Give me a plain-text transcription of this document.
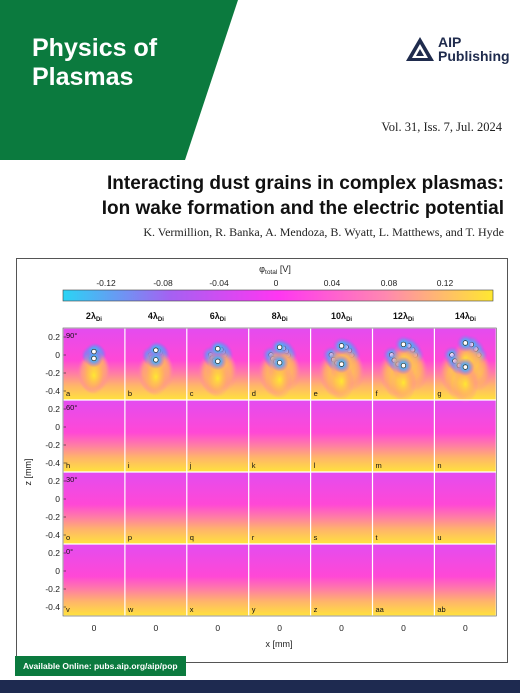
Physics of
Plasmas
AIP
Publishing
Vol. 31, Iss. 7, Jul. 2024
Interacting dust grains in complex plasmas:
Ion wake formation and the electric potential
K. Vermillion, R. Banka, A. Mendoza, B. Wyatt, L. Matthews, and T. Hyde
$\varphi_{total}$ [V]
-0.12	-0.08	-0.04	0	0.04	0.08	0.12
$2\lambda_{Di}$	$4\lambda_{Di}$	$6\lambda_{Di}$	$8\lambda_{Di}$	$10\lambda_{Di}$	$12\lambda_{Di}$	$14\lambda_{Di}$
a
90°
b	c	d	e	f	g
0.2
0
-0.2
-0.4
h
60°
i	j	k	l	m	n
0.2
0
-0.2
-0.4
o
30°
p	q	r	s	t	u
0.2
0
-0.2
-0.4
v
0°
w	x	y	z	aa	ab
0.2
0
-0.2
-0.4
0	0	0	0	0	0	0
x [mm]
z [mm]
Available Online: pubs.aip.org/aip/pop
